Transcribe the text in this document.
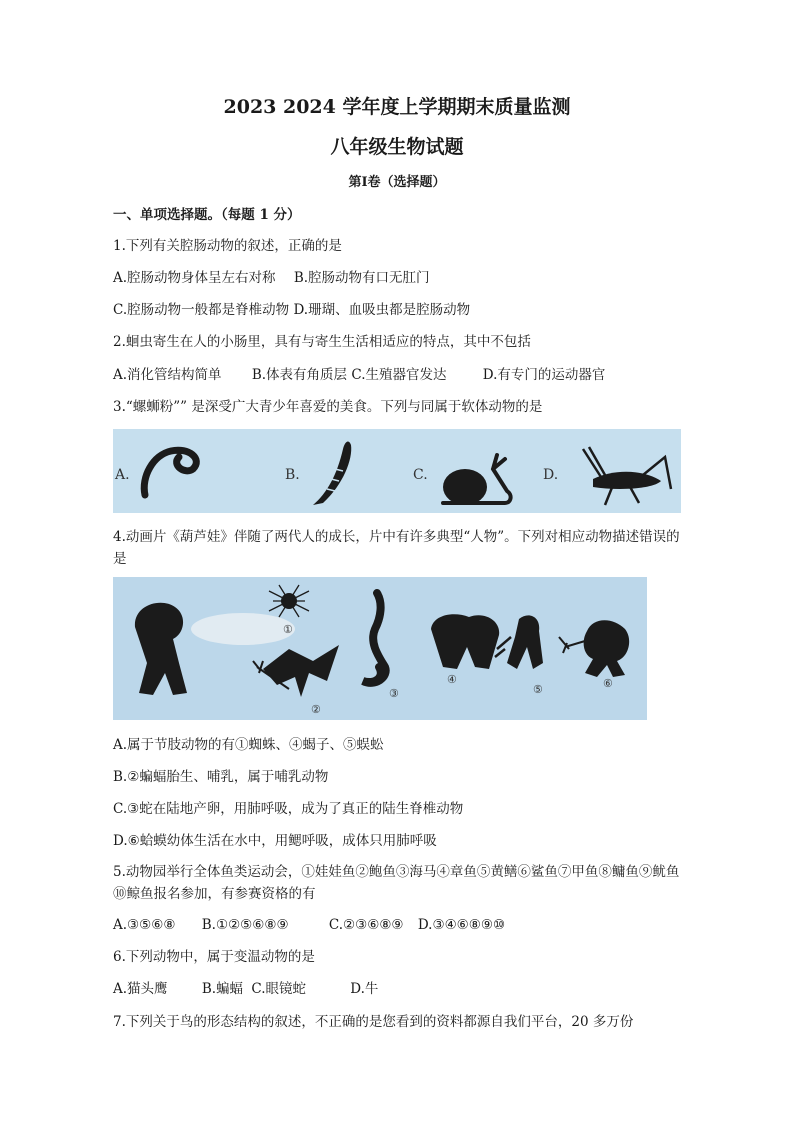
2023 2024 学年度上学期期末质量监测
八年级生物试题
第Ⅰ卷（选择题）
一、单项选择题。（每题 1 分）
1.下列有关腔肠动物的叙述，正确的是
A.腔肠动物身体呈左右对称 B.腔肠动物有口无肛门
C.腔肠动物一般都是脊椎动物 D.珊瑚、血吸虫都是腔肠动物
2.蛔虫寄生在人的小肠里，具有与寄生生活相适应的特点，其中不包括
A.消化管结构简单 B.体表有角质层 C.生殖器官发达	D.有专门的运动器官
3.“螺蛳粉”” 是深受广大青少年喜爱的美食。下列与同属于软体动物的是
A.	B.	C.	D.
4.动画片《葫芦娃》伴随了两代人的成长，片中有许多典型“人物”。下列对相应动物描述错误的是
①
②
③
④
⑤	⑥
A.属于节肢动物的有①蜘蛛、④蝎子、⑤蜈蚣
B.②蝙蝠胎生、哺乳，属于哺乳动物
C.③蛇在陆地产卵，用肺呼吸，成为了真正的陆生脊椎动物
D.⑥蛤蟆幼体生活在水中，用鳃呼吸，成体只用肺呼吸
5.动物园举行全体鱼类运动会，①娃娃鱼②鲍鱼③海马④章鱼⑤黄鳝⑥鲨鱼⑦甲鱼⑧鳙鱼⑨鱿鱼⑩鲸鱼报名参加，有参赛资格的有
A.③⑤⑥⑧ B.①②⑤⑥⑧⑨	C.②③⑥⑧⑨ D.③④⑥⑧⑨⑩
6.下列动物中，属于变温动物的是
A.猫头鹰	B.蝙蝠 C.眼镜蛇	D.牛
7.下列关于鸟的形态结构的叙述，不正确的是您看到的资料都源自我们平台，20 多万份
